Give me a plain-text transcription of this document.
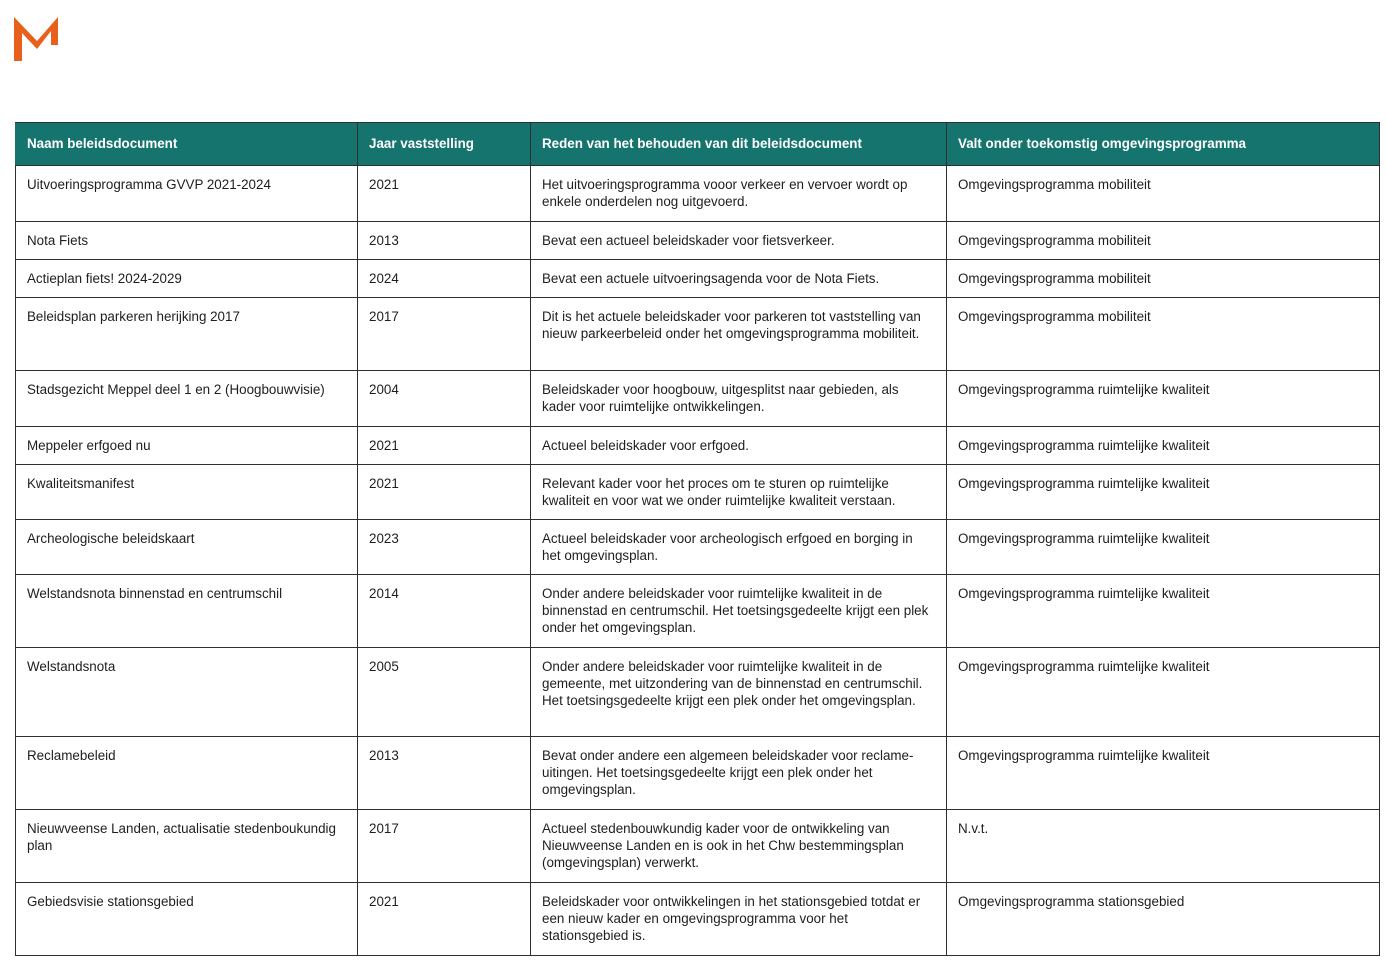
Naam beleidsdocument	Jaar vaststelling	Reden van het behouden van dit beleidsdocument	Valt onder toekomstig omgevingsprogramma
Uitvoeringsprogramma GVVP 2021-2024	2021	Het uitvoeringsprogramma vooor verkeer en vervoer wordt op enkele onderdelen nog uitgevoerd.	Omgevingsprogramma mobiliteit
Nota Fiets	2013	Bevat een actueel beleidskader voor fietsverkeer.	Omgevingsprogramma mobiliteit
Actieplan fiets! 2024-2029	2024	Bevat een actuele uitvoeringsagenda voor de Nota Fiets.	Omgevingsprogramma mobiliteit
Beleidsplan parkeren herijking 2017	2017	Dit is het actuele beleidskader voor parkeren tot vaststelling van nieuw parkeerbeleid onder het omgevingsprogramma mobiliteit.	Omgevingsprogramma mobiliteit
Stadsgezicht Meppel deel 1 en 2 (Hoogbouwvisie)	2004	Beleidskader voor hoogbouw, uitgesplitst naar gebieden, als kader voor ruimtelijke ontwikkelingen.	Omgevingsprogramma ruimtelijke kwaliteit
Meppeler erfgoed nu	2021	Actueel beleidskader voor erfgoed.	Omgevingsprogramma ruimtelijke kwaliteit
Kwaliteitsmanifest	2021	Relevant kader voor het proces om te sturen op ruimtelijke kwaliteit en voor wat we onder ruimtelijke kwaliteit verstaan.	Omgevingsprogramma ruimtelijke kwaliteit
Archeologische beleidskaart	2023	Actueel beleidskader voor archeologisch erfgoed en borging in het omgevingsplan.	Omgevingsprogramma ruimtelijke kwaliteit
Welstandsnota binnenstad en centrumschil	2014	Onder andere beleidskader voor ruimtelijke kwaliteit in de binnenstad en centrumschil. Het toetsingsgedeelte krijgt een plek onder het omgevingsplan.	Omgevingsprogramma ruimtelijke kwaliteit
Welstandsnota	2005	Onder andere beleidskader voor ruimtelijke kwaliteit in de gemeente, met uitzondering van de binnenstad en centrumschil. Het toetsingsgedeelte krijgt een plek onder het omgevingsplan.	Omgevingsprogramma ruimtelijke kwaliteit
Reclamebeleid	2013	Bevat onder andere een algemeen beleidskader voor reclame-uitingen. Het toetsingsgedeelte krijgt een plek onder het omgevingsplan.	Omgevingsprogramma ruimtelijke kwaliteit
Nieuwveense Landen, actualisatie stedenboukundig plan	2017	Actueel stedenbouwkundig kader voor de ontwikkeling van Nieuwveense Landen en is ook in het Chw bestemmingsplan (omgevingsplan) verwerkt.	N.v.t.
Gebiedsvisie stationsgebied	2021	Beleidskader voor ontwikkelingen in het stationsgebied totdat er een nieuw kader en omgevingsprogramma voor het stationsgebied is.	Omgevingsprogramma stationsgebied
